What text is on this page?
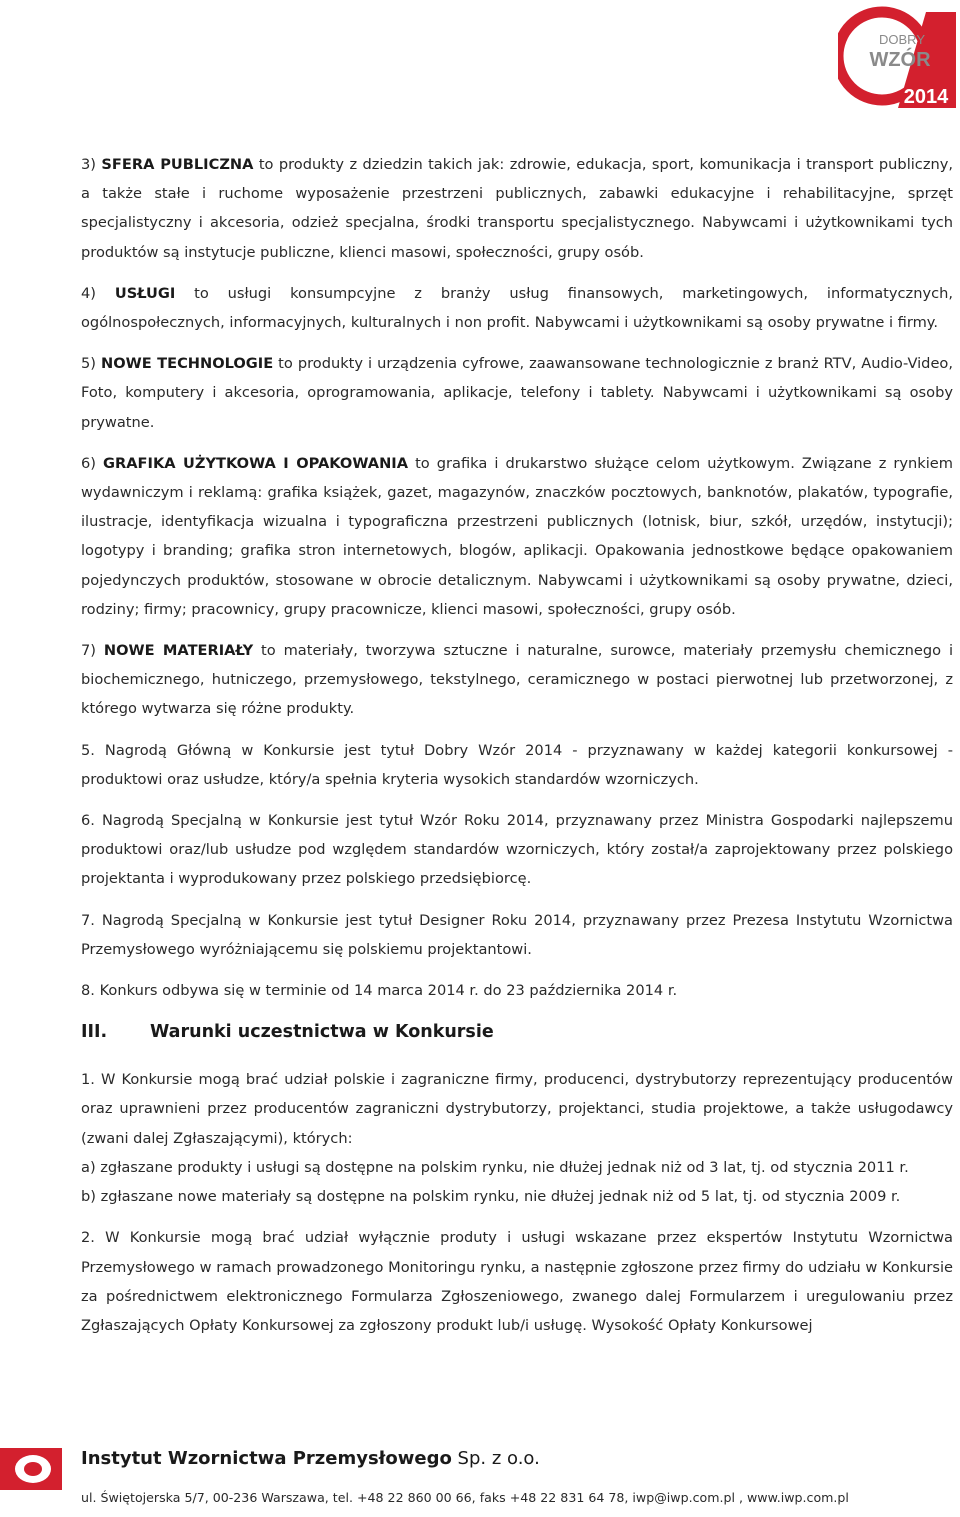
DOBRY
WZÓR
2014

3) SFERA PUBLICZNA to produkty z dziedzin takich jak: zdrowie, edukacja, sport, komunikacja i transport publiczny, a także stałe i ruchome wyposażenie przestrzeni publicznych, zabawki edukacyjne i rehabilitacyjne, sprzęt specjalistyczny i akcesoria, odzież specjalna, środki transportu specjalistycznego. Nabywcami i użytkownikami tych produktów są instytucje publiczne, klienci masowi, społeczności, grupy osób.

4) USŁUGI to usługi konsumpcyjne z branży usług finansowych, marketingowych, informatycznych, ogólnospołecznych, informacyjnych, kulturalnych i non profit. Nabywcami i użytkownikami są osoby prywatne i firmy.

5) NOWE TECHNOLOGIE to produkty i urządzenia cyfrowe, zaawansowane technologicznie z branż RTV, Audio-Video, Foto, komputery i akcesoria, oprogramowania, aplikacje, telefony i tablety. Nabywcami i użytkownikami są osoby prywatne.

6) GRAFIKA UŻYTKOWA I OPAKOWANIA to grafika i drukarstwo służące celom użytkowym. Związane z rynkiem wydawniczym i reklamą: grafika książek, gazet, magazynów, znaczków pocztowych, banknotów, plakatów, typografie, ilustracje, identyfikacja wizualna i typograficzna przestrzeni publicznych (lotnisk, biur, szkół, urzędów, instytucji); logotypy i branding; grafika stron internetowych, blogów, aplikacji. Opakowania jednostkowe będące opakowaniem pojedynczych produktów, stosowane w obrocie detalicznym. Nabywcami i użytkownikami są osoby prywatne, dzieci, rodziny; firmy; pracownicy, grupy pracownicze, klienci masowi, społeczności, grupy osób.

7) NOWE MATERIAŁY to materiały, tworzywa sztuczne i naturalne, surowce, materiały przemysłu chemicznego i biochemicznego, hutniczego, przemysłowego, tekstylnego, ceramicznego w postaci pierwotnej lub przetworzonej, z którego wytwarza się różne produkty.

5. Nagrodą Główną w Konkursie jest tytuł Dobry Wzór 2014 - przyznawany w każdej kategorii konkursowej - produktowi oraz usłudze, który/a spełnia kryteria wysokich standardów wzorniczych.

6. Nagrodą Specjalną w Konkursie jest tytuł Wzór Roku 2014, przyznawany przez Ministra Gospodarki najlepszemu produktowi oraz/lub usłudze pod względem standardów wzorniczych, który został/a zaprojektowany przez polskiego projektanta i wyprodukowany przez polskiego przedsiębiorcę.

7. Nagrodą Specjalną w Konkursie jest tytuł Designer Roku 2014, przyznawany przez Prezesa Instytutu Wzornictwa Przemysłowego wyróżniającemu się polskiemu projektantowi.

8. Konkurs odbywa się w terminie od 14 marca 2014 r. do 23 października 2014 r.

III.	Warunki uczestnictwa w Konkursie

1. W Konkursie mogą brać udział polskie i zagraniczne firmy, producenci, dystrybutorzy reprezentujący producentów oraz uprawnieni przez producentów zagraniczni dystrybutorzy, projektanci, studia projektowe, a także usługodawcy (zwani dalej Zgłaszającymi), których:

a) zgłaszane produkty i usługi są dostępne na polskim rynku, nie dłużej jednak niż od 3 lat, tj. od stycznia 2011 r.

b) zgłaszane nowe materiały są dostępne na polskim rynku, nie dłużej jednak niż od 5 lat, tj. od stycznia 2009 r.

2. W Konkursie mogą brać udział wyłącznie produty i usługi wskazane przez ekspertów Instytutu Wzornictwa Przemysłowego w ramach prowadzonego Monitoringu rynku, a następnie zgłoszone przez firmy do udziału w Konkursie za pośrednictwem elektronicznego Formularza Zgłoszeniowego, zwanego dalej Formularzem i uregulowaniu przez Zgłaszających Opłaty Konkursowej za zgłoszony produkt lub/i usługę. Wysokość Opłaty Konkursowej

Instytut Wzornictwa Przemysłowego Sp. z o.o.
ul. Świętojerska 5/7, 00-236 Warszawa, tel. +48 22 860 00 66, faks +48 22 831 64 78, iwp@iwp.com.pl , www.iwp.com.pl
